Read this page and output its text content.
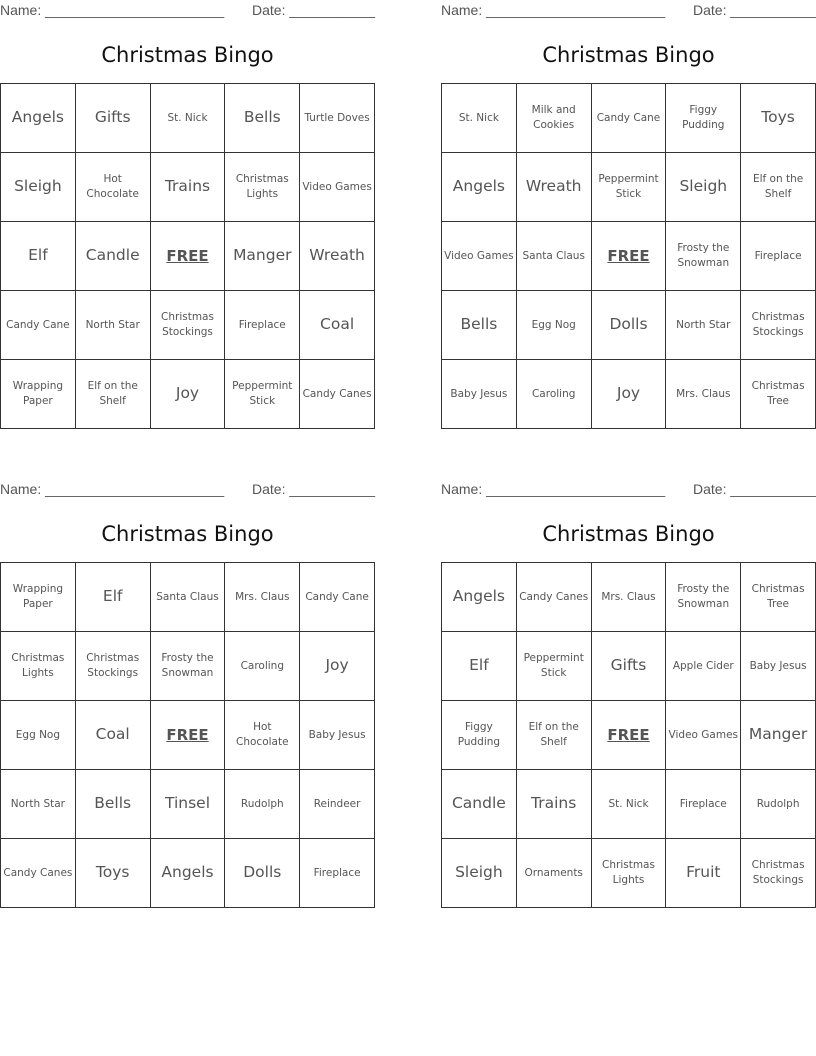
Name: _______________________ Date: ___________
Christmas Bingo
Angels	Gifts	St. Nick	Bells	Turtle Doves
Sleigh	Hot Chocolate	Trains	Christmas Lights	Video Games
Elf	Candle	FREE	Manger	Wreath
Candy Cane	North Star	Christmas Stockings	Fireplace	Coal
Wrapping Paper	Elf on the Shelf	Joy	Peppermint Stick	Candy Canes
Name: _______________________ Date: ___________
Christmas Bingo
St. Nick	Milk and Cookies	Candy Cane	Figgy Pudding	Toys
Angels	Wreath	Peppermint Stick	Sleigh	Elf on the Shelf
Video Games	Santa Claus	FREE	Frosty the Snowman	Fireplace
Bells	Egg Nog	Dolls	North Star	Christmas Stockings
Baby Jesus	Caroling	Joy	Mrs. Claus	Christmas Tree
Name: _______________________ Date: ___________
Christmas Bingo
Wrapping Paper	Elf	Santa Claus	Mrs. Claus	Candy Cane
Christmas Lights	Christmas Stockings	Frosty the Snowman	Caroling	Joy
Egg Nog	Coal	FREE	Hot Chocolate	Baby Jesus
North Star	Bells	Tinsel	Rudolph	Reindeer
Candy Canes	Toys	Angels	Dolls	Fireplace
Name: _______________________ Date: ___________
Christmas Bingo
Angels	Candy Canes	Mrs. Claus	Frosty the Snowman	Christmas Tree
Elf	Peppermint Stick	Gifts	Apple Cider	Baby Jesus
Figgy Pudding	Elf on the Shelf	FREE	Video Games	Manger
Candle	Trains	St. Nick	Fireplace	Rudolph
Sleigh	Ornaments	Christmas Lights	Fruit	Christmas Stockings
